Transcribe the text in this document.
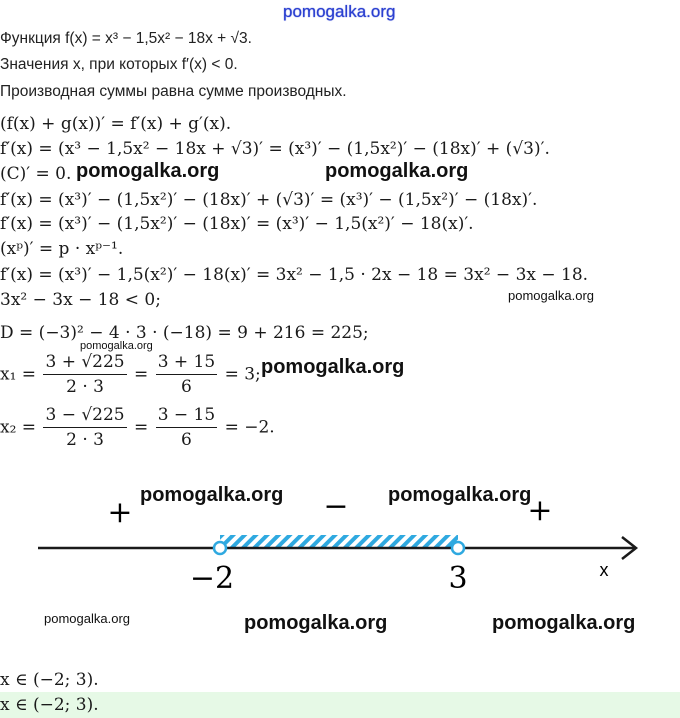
pomogalka.org
Функция f(x) = x³ − 1,5x² − 18x + √3.
Значения x, при которых f′(x) < 0.
Производная суммы равна сумме производных.
(f(x) + g(x))′ = f′(x) + g′(x).
f′(x) = (x³ − 1,5x² − 18x + √3)′ = (x³)′ − (1,5x²)′ − (18x)′ + (√3)′.
(C)′ = 0.
f′(x) = (x³)′ − (1,5x²)′ − (18x)′ + (√3)′ = (x³)′ − (1,5x²)′ − (18x)′.
f′(x) = (x³)′ − (1,5x²)′ − (18x)′ = (x³)′ − 1,5(x²)′ − 18(x)′.
(xᵖ)′ = p · xᵖ⁻¹.
f′(x) = (x³)′ − 1,5(x²)′ − 18(x)′ = 3x² − 1,5 · 2x − 18 = 3x² − 3x − 18.
3x² − 3x − 18 < 0;
D = (−3)² − 4 · 3 · (−18) = 9 + 216 = 225;
$x_1 = \frac{3 + √225}{2 \cdot 3} = \frac{3 + 15}{6} = 3$;
$x_2 = \frac{3 - √225}{2 \cdot 3} = \frac{3 - 15}{6} = -2$.
−2	3
+	−	+
x
x ∈ (−2; 3).
x ∈ (−2; 3).
pomogalka.org	pomogalka.org
pomogalka.org
pomogalka.org
pomogalka.org
pomogalka.org	pomogalka.org
pomogalka.org	pomogalka.org	pomogalka.org
